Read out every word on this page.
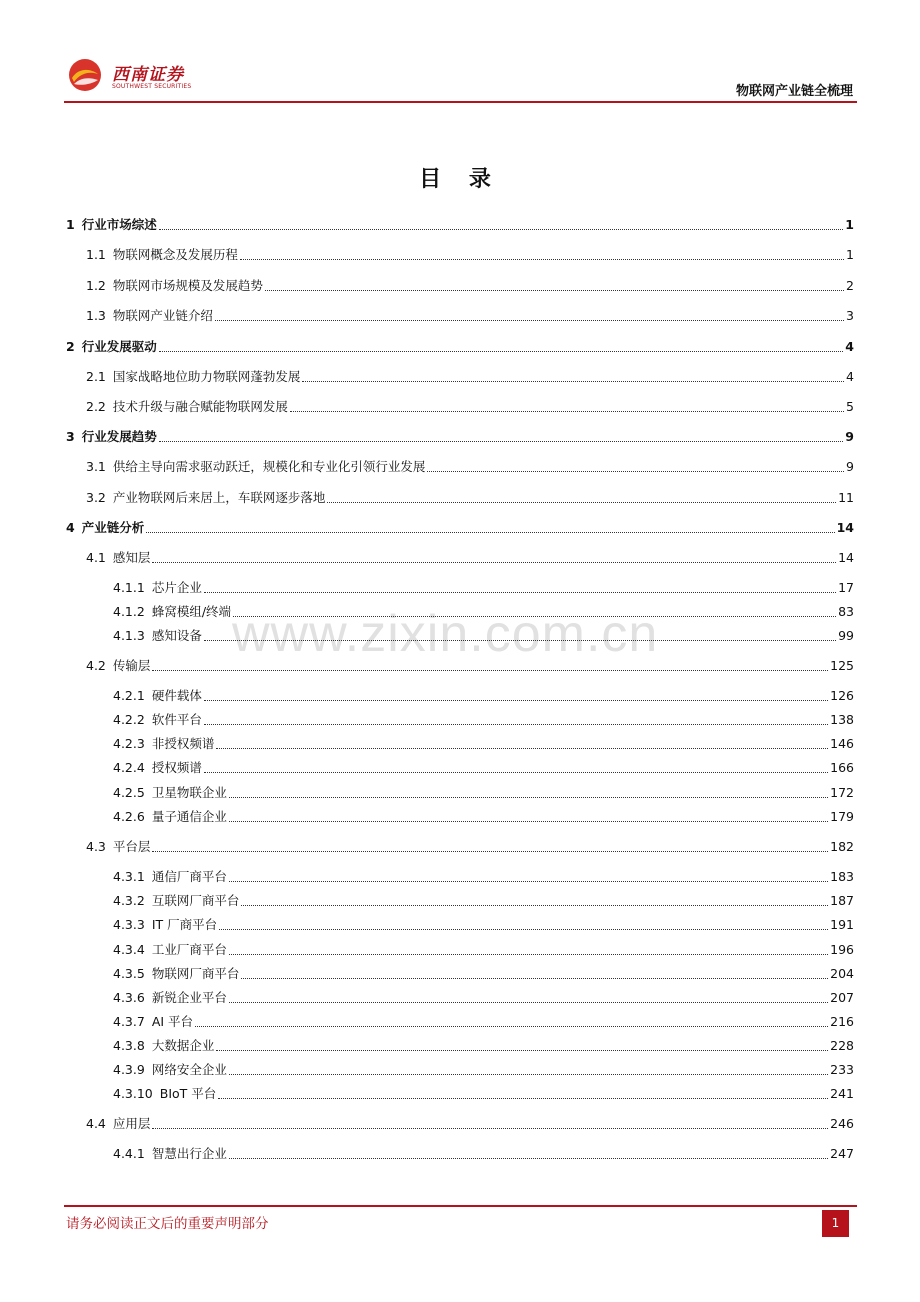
西南证券
SOUTHWEST SECURITIES	物联网产业链全梳理
目 录
www.zixin.com.cn
1 行业市场综述	1
1.1 物联网概念及发展历程	1
1.2 物联网市场规模及发展趋势	2
1.3 物联网产业链介绍	3
2 行业发展驱动	4
2.1 国家战略地位助力物联网蓬勃发展	4
2.2 技术升级与融合赋能物联网发展	5
3 行业发展趋势	9
3.1 供给主导向需求驱动跃迁，规模化和专业化引领行业发展	9
3.2 产业物联网后来居上，车联网逐步落地	11
4 产业链分析	14
4.1 感知层	14
4.1.1 芯片企业	17
4.1.2 蜂窝模组/终端	83
4.1.3 感知设备	99
4.2 传输层	125
4.2.1 硬件载体	126
4.2.2 软件平台	138
4.2.3 非授权频谱	146
4.2.4 授权频谱	166
4.2.5 卫星物联企业	172
4.2.6 量子通信企业	179
4.3 平台层	182
4.3.1 通信厂商平台	183
4.3.2 互联网厂商平台	187
4.3.3 IT 厂商平台	191
4.3.4 工业厂商平台	196
4.3.5 物联网厂商平台	204
4.3.6 新锐企业平台	207
4.3.7 AI 平台	216
4.3.8 大数据企业	228
4.3.9 网络安全企业	233
4.3.10 BIoT 平台	241
4.4 应用层	246
4.4.1 智慧出行企业	247
请务必阅读正文后的重要声明部分	1
